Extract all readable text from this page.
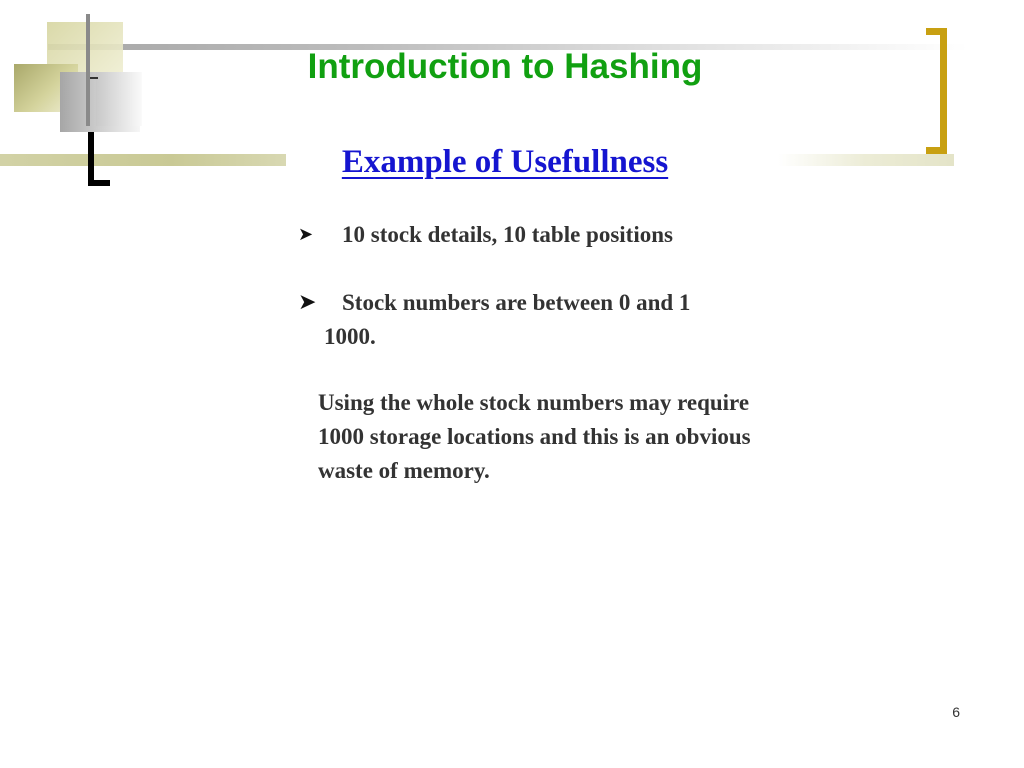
Introduction to Hashing
Example of Usefullness

➤ 10 stock details, 10 table positions

➤ Stock numbers are between 0 and 1
1000.

Using the whole stock numbers may require 1000 storage locations and this is an obvious waste of memory.

6
